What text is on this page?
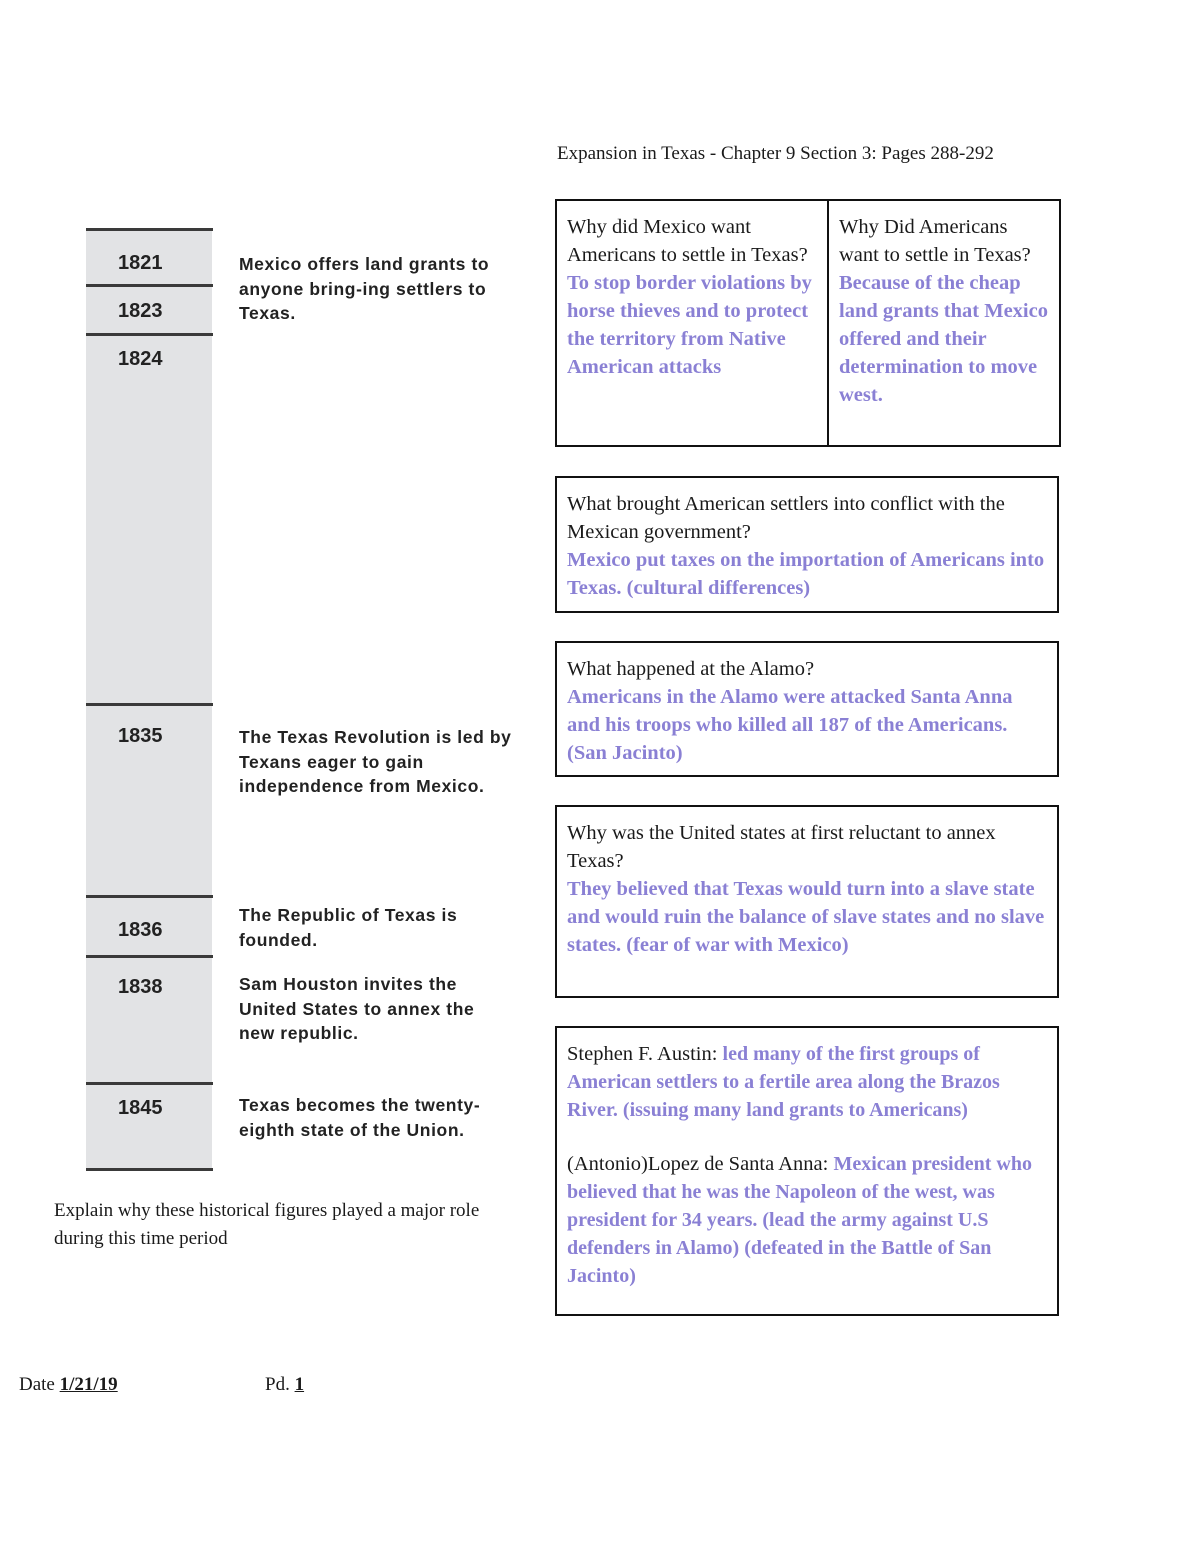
Expansion in Texas - Chapter 9 Section 3: Pages 288-292
1821
1823
1824
1835
1836
1838
1845
Mexico offers land grants to anyone bring-ing settlers to Texas.
The Texas Revolution is led by Texans eager to gain independence from Mexico.
The Republic of Texas is founded.
Sam Houston invites the United States to annex the new republic.
Texas becomes the twenty-eighth state of the Union.
Explain why these historical figures played a major role during this time period
Date 1/21/19	Pd. 1
Why did Mexico want Americans to settle in Texas? To stop border violations by horse thieves and to protect the territory from Native American attacks
Why Did Americans want to settle in Texas? Because of the cheap land grants that Mexico offered and their determination to move west.
What brought American settlers into conflict with the Mexican government?
Mexico put taxes on the importation of Americans into Texas. (cultural differences)
What happened at the Alamo?
Americans in the Alamo were attacked Santa Anna and his troops who killed all 187 of the Americans. (San Jacinto)
Why was the United states at first reluctant to annex Texas?
They believed that Texas would turn into a slave state and would ruin the balance of slave states and no slave states. (fear of war with Mexico)

Stephen F. Austin: led many of the first groups of American settlers to a fertile area along the Brazos River. (issuing many land grants to Americans)

(Antonio)Lopez de Santa Anna: Mexican president who believed that he was the Napoleon of the west, was president for 34 years. (lead the army against U.S defenders in Alamo) (defeated in the Battle of San Jacinto)
